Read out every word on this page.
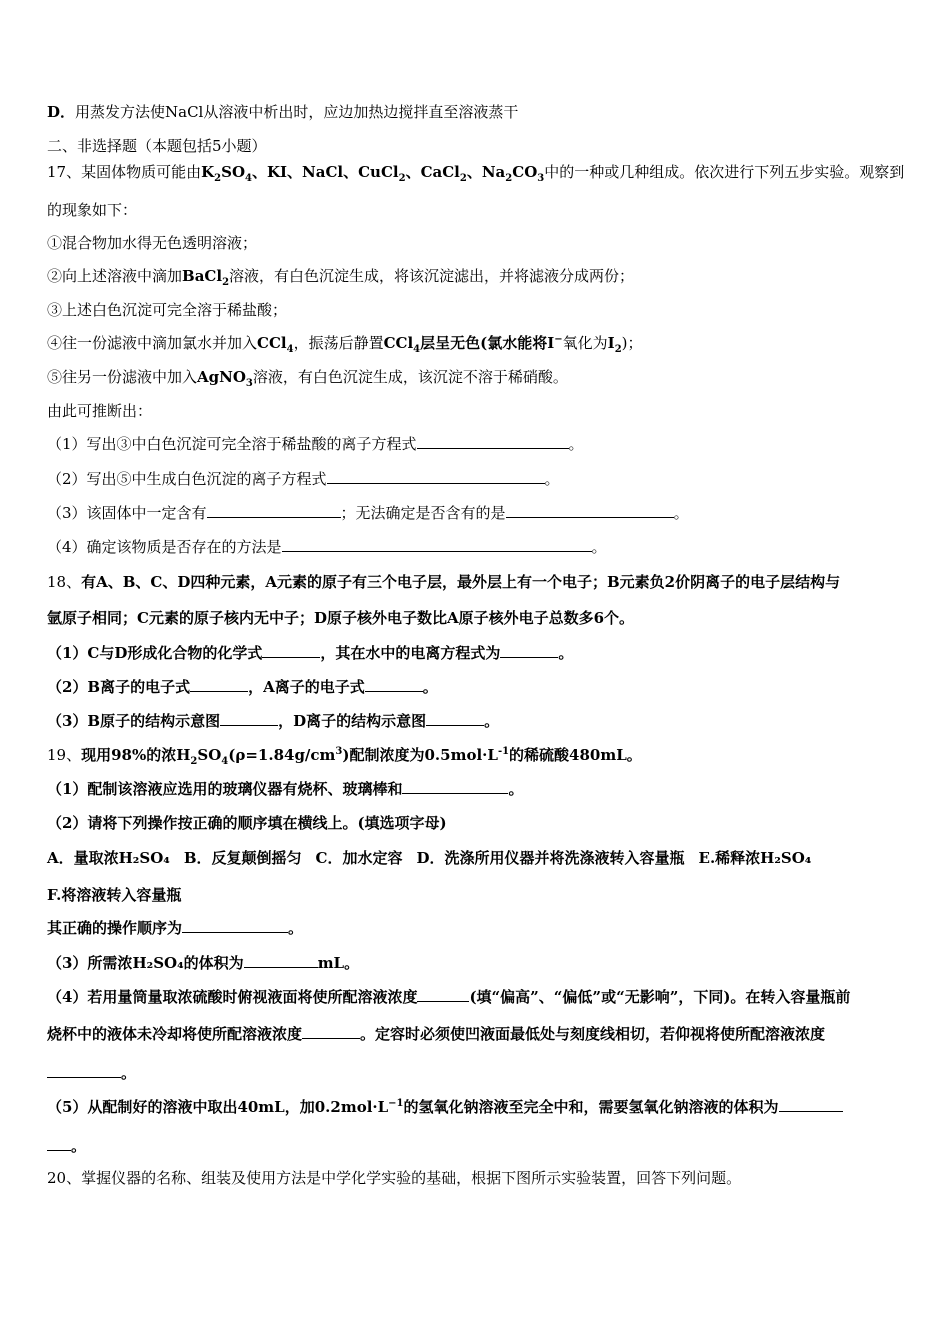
D．用蒸发方法使NaCl从溶液中析出时，应边加热边搅拌直至溶液蒸干
二、非选择题（本题包括5小题）
17、某固体物质可能由$K_2SO_4$、KI、NaCl、CuCl$_2$、CaCl$_2$、$Na_2CO_3$中的一种或几种组成。依次进行下列五步实验。观察到
的现象如下：
①混合物加水得无色透明溶液；
②向上述溶液中滴加BaCl$_2$溶液，有白色沉淀生成，将该沉淀滤出，并将滤液分成两份；
③上述白色沉淀可完全溶于稀盐酸；
④往一份滤液中滴加氯水并加入CCl$_4$，振荡后静置CCl$_4$层呈无色(氯水能将I−氧化为$I_2$)；
⑤往另一份滤液中加入AgNO$_3$溶液，有白色沉淀生成，该沉淀不溶于稀硝酸。
由此可推断出：
（1）写出③中白色沉淀可完全溶于稀盐酸的离子方程式	。
（2）写出⑤中生成白色沉淀的离子方程式	。
（3）该固体中一定含有	；无法确定是否含有的是	。
（4）确定该物质是否存在的方法是	。
18、有A、B、C、D四种元素，A元素的原子有三个电子层，最外层上有一个电子；B元素负2价阴离子的电子层结构与
氩原子相同；C元素的原子核内无中子；D原子核外电子数比A原子核外电子总数多6个。
（1）C与D形成化合物的化学式	，其在水中的电离方程式为	。
（2）B离子的电子式	，A离子的电子式	。
（3）B原子的结构示意图	，D离子的结构示意图	。
19、现用98%的浓$H_2SO_4(\rho=1.84g/cm^3)$配制浓度为$0.5mol\cdot L^{-1}$的稀硫酸480mL。
（1）配制该溶液应选用的玻璃仪器有烧杯、玻璃棒和	。
（2）请将下列操作按正确的顺序填在横线上。(填选项字母)
A．量取浓H₂SO₄ B．反复颠倒摇匀 C．加水定容 D．洗涤所用仪器并将洗涤液转入容量瓶 E.稀释浓H₂SO₄
F.将溶液转入容量瓶
其正确的操作顺序为	。
（3）所需浓H₂SO₄的体积为	mL。
（4）若用量筒量取浓硫酸时俯视液面将使所配溶液浓度	(填“偏高”、“偏低”或“无影响”，下同)。在转入容量瓶前
烧杯中的液体未冷却将使所配溶液浓度	。定容时必须使凹液面最低处与刻度线相切，若仰视将使所配溶液浓度
。
（5）从配制好的溶液中取出40mL，加$0.2mol\cdot L^{-1}$的氢氧化钠溶液至完全中和，需要氢氧化钠溶液的体积为
。
20、掌握仪器的名称、组装及使用方法是中学化学实验的基础，根据下图所示实验装置，回答下列问题。
